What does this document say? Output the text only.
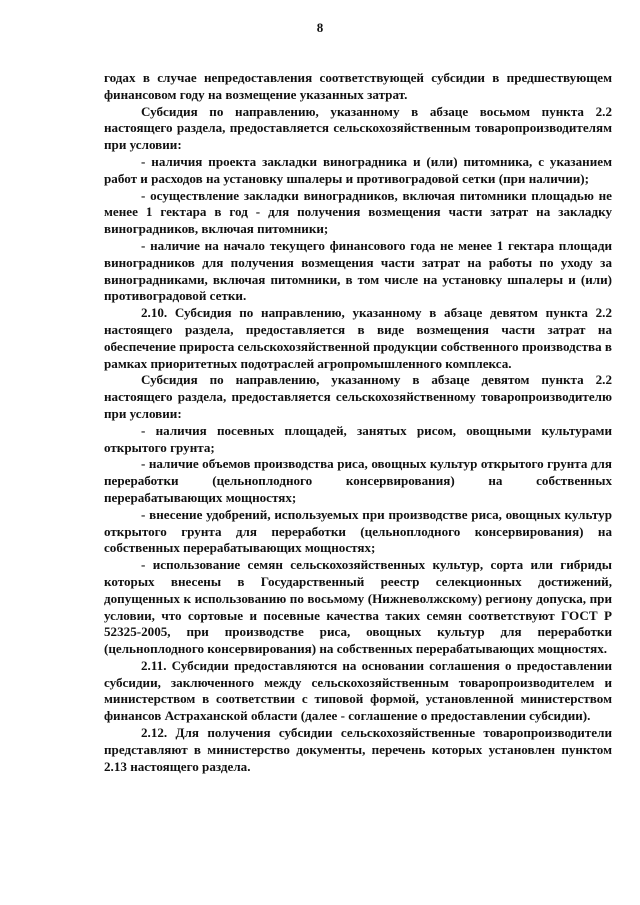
8

годах в случае непредоставления соответствующей субсидии в предшествующем финансовом году на возмещение указанных затрат.

Субсидия по направлению, указанному в абзаце восьмом пункта 2.2 настоящего раздела, предоставляется сельскохозяйственным товаропроизводителям при условии:

- наличия проекта закладки виноградника и (или) питомника, с указанием работ и расходов на установку шпалеры и противоградовой сетки (при наличии);

- осуществление закладки виноградников, включая питомники площадью не менее 1 гектара в год - для получения возмещения части затрат на закладку виноградников, включая питомники;

- наличие на начало текущего финансового года не менее 1 гектара площади виноградников для получения возмещения части затрат на работы по уходу за виноградниками, включая питомники, в том числе на установку шпалеры и (или) противоградовой сетки.

2.10. Субсидия по направлению, указанному в абзаце девятом пункта 2.2 настоящего раздела, предоставляется в виде возмещения части затрат на обеспечение прироста сельскохозяйственной продукции собственного производства в рамках приоритетных подотраслей агропромышленного комплекса.

Субсидия по направлению, указанному в абзаце девятом пункта 2.2 настоящего раздела, предоставляется сельскохозяйственному товаропроизводителю при условии:

- наличия посевных площадей, занятых рисом, овощными культурами открытого грунта;

- наличие объемов производства риса, овощных культур открытого грунта для переработки (цельноплодного консервирования) на собственных перерабатывающих мощностях;

- внесение удобрений, используемых при производстве риса, овощных культур открытого грунта для переработки (цельноплодного консервирования) на собственных перерабатывающих мощностях;

- использование семян сельскохозяйственных культур, сорта или гибриды которых внесены в Государственный реестр селекционных достижений, допущенных к использованию по восьмому (Нижневолжскому) региону допуска, при условии, что сортовые и посевные качества таких семян соответствуют ГОСТ Р 52325-2005, при производстве риса, овощных культур для переработки (цельноплодного консервирования) на собственных перерабатывающих мощностях.

2.11. Субсидии предоставляются на основании соглашения о предоставлении субсидии, заключенного между сельскохозяйственным товаропроизводителем и министерством в соответствии с типовой формой, установленной министерством финансов Астраханской области (далее - соглашение о предоставлении субсидии).

2.12. Для получения субсидии сельскохозяйственные товаропроизводители представляют в министерство документы, перечень которых установлен пунктом 2.13 настоящего раздела.
